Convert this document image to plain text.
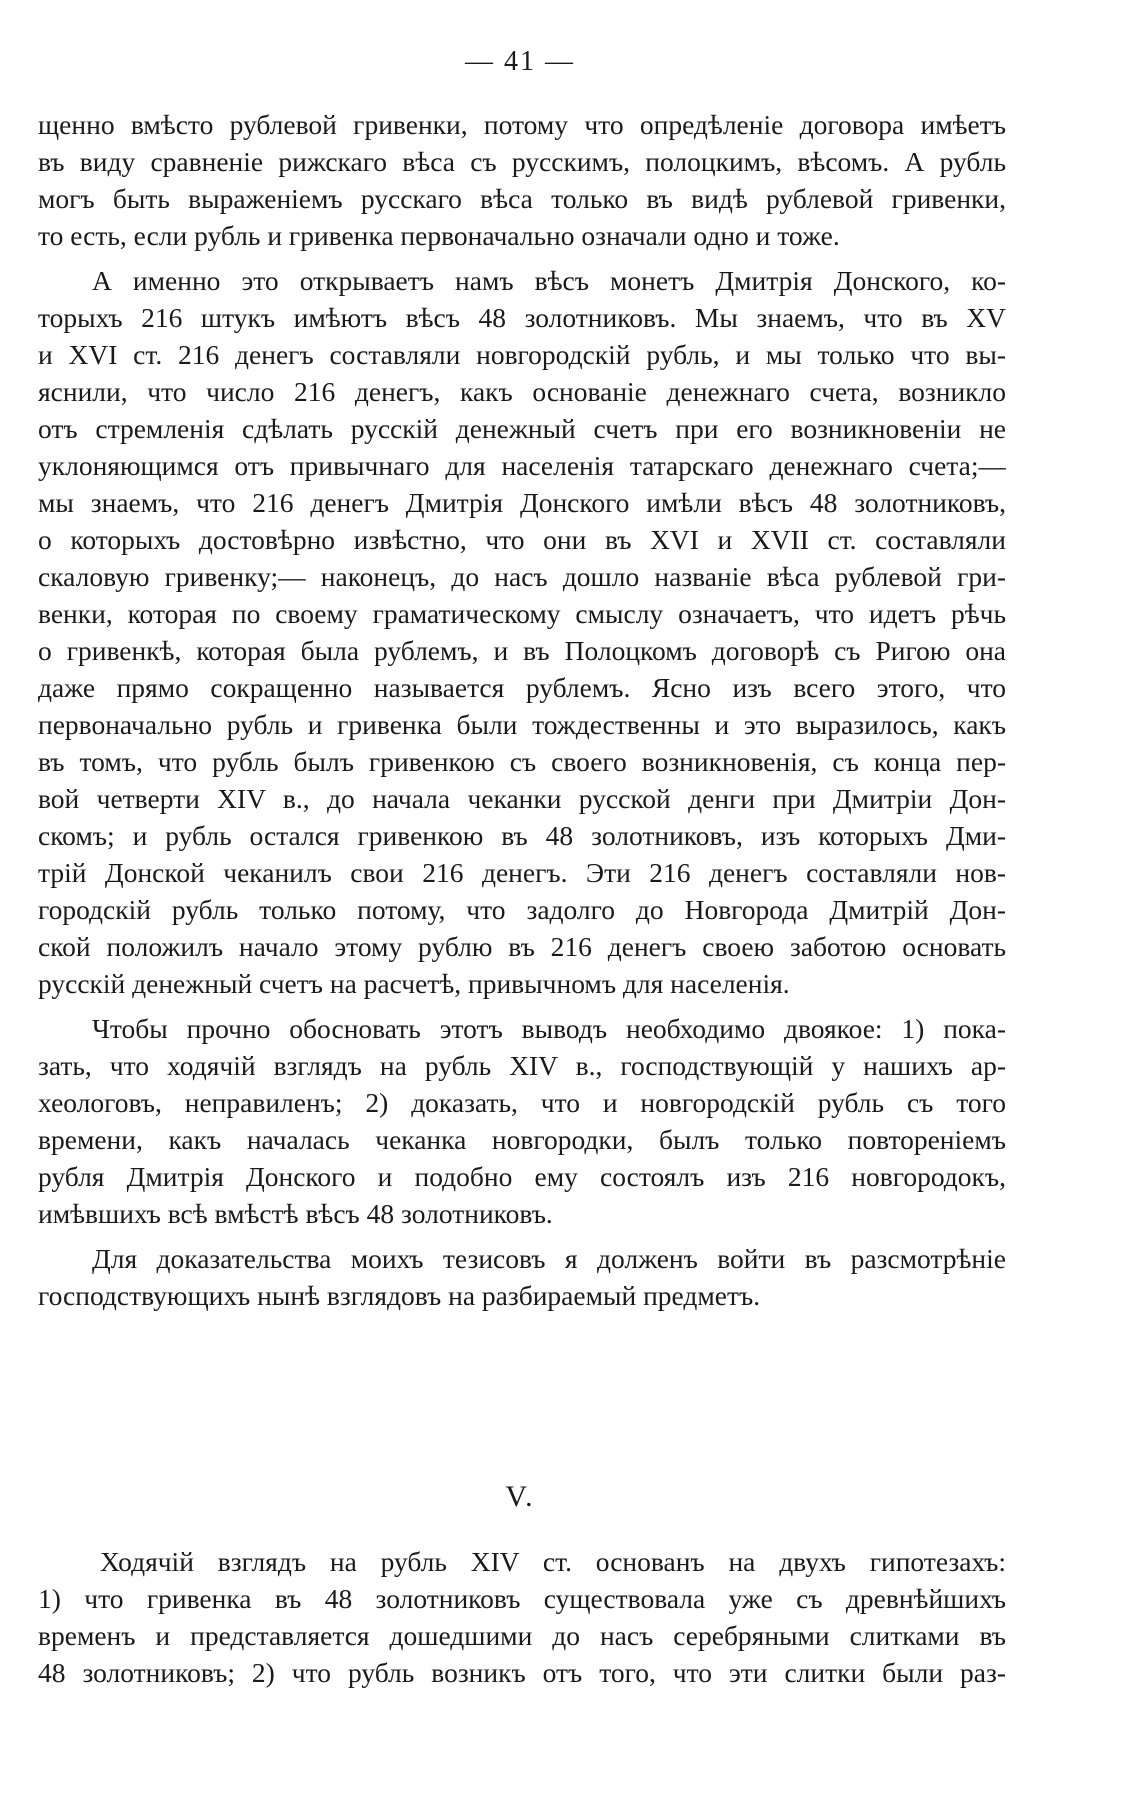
— 41 —
щенно вмѣсто рублевой гривенки, потому что опредѣленіе договора имѣетъ
въ виду сравненіе рижскаго вѣса съ русскимъ, полоцкимъ, вѣсомъ. А рубль
могъ быть выраженіемъ русскаго вѣса только въ видѣ рублевой гривенки,
то есть, если рубль и гривенка первоначально означали одно и тоже.
А именно это открываетъ намъ вѣсъ монетъ Дмитрія Донского, ко-
торыхъ 216 штукъ имѣютъ вѣсъ 48 золотниковъ. Мы знаемъ, что въ XV
и XVI ст. 216 денегъ составляли новгородскій рубль, и мы только что вы-
яснили, что число 216 денегъ, какъ основаніе денежнаго счета, возникло
отъ стремленія сдѣлать русскій денежный счетъ при его возникновеніи не
уклоняющимся отъ привычнаго для населенія татарскаго денежнаго счета;—
мы знаемъ, что 216 денегъ Дмитрія Донского имѣли вѣсъ 48 золотниковъ,
о которыхъ достовѣрно извѣстно, что они въ XVI и XVII ст. составляли
скаловую гривенку;— наконецъ, до насъ дошло названіе вѣса рублевой гри-
венки, которая по своему граматическому смыслу означаетъ, что идетъ рѣчь
о гривенкѣ, которая была рублемъ, и въ Полоцкомъ договорѣ съ Ригою она
даже прямо сокращенно называется рублемъ. Ясно изъ всего этого, что
первоначально рубль и гривенка были тождественны и это выразилось, какъ
въ томъ, что рубль былъ гривенкою съ своего возникновенія, съ конца пер-
вой четверти XIV в., до начала чеканки русской денги при Дмитріи Дон-
скомъ; и рубль остался гривенкою въ 48 золотниковъ, изъ которыхъ Дми-
трій Донской чеканилъ свои 216 денегъ. Эти 216 денегъ составляли нов-
городскій рубль только потому, что задолго до Новгорода Дмитрій Дон-
ской положилъ начало этому рублю въ 216 денегъ своею заботою основать
русскій денежный счетъ на расчетѣ, привычномъ для населенія.
Чтобы прочно обосновать этотъ выводъ необходимо двоякое: 1) пока-
зать, что ходячій взглядъ на рубль XIV в., господствующій у нашихъ ар-
хеологовъ, неправиленъ; 2) доказать, что и новгородскій рубль съ того
времени, какъ началась чеканка новгородки, былъ только повтореніемъ
рубля Дмитрія Донского и подобно ему состоялъ изъ 216 новгородокъ,
имѣвшихъ всѣ вмѣстѣ вѣсъ 48 золотниковъ.
Для доказательства моихъ тезисовъ я долженъ войти въ разсмотрѣніе
господствующихъ нынѣ взглядовъ на разбираемый предметъ.
V.
Ходячій взглядъ на рубль XIV ст. основанъ на двухъ гипотезахъ:
1) что гривенка въ 48 золотниковъ существовала уже съ древнѣйшихъ
временъ и представляется дошедшими до насъ серебряными слитками въ
48 золотниковъ; 2) что рубль возникъ отъ того, что эти слитки были раз-
